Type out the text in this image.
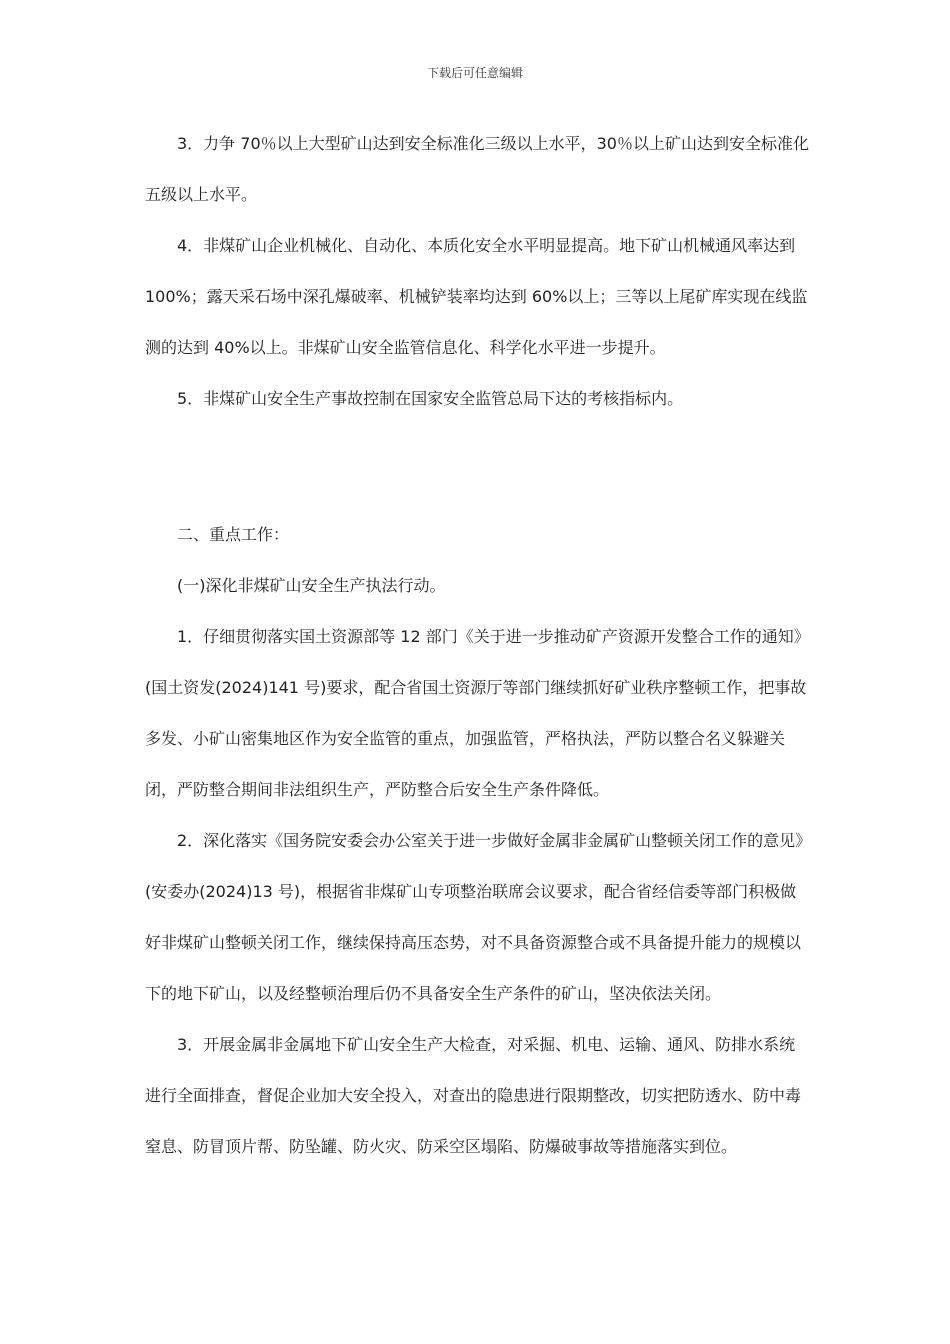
下载后可任意编辑

3．力争 70％以上大型矿山达到安全标准化三级以上水平，30％以上矿山达到安全标准化五级以上水平。

4．非煤矿山企业机械化、自动化、本质化安全水平明显提高。地下矿山机械通风率达到 100%；露天采石场中深孔爆破率、机械铲装率均达到 60%以上；三等以上尾矿库实现在线监测的达到 40%以上。非煤矿山安全监管信息化、科学化水平进一步提升。

5．非煤矿山安全生产事故控制在国家安全监管总局下达的考核指标内。

二、重点工作：

(一)深化非煤矿山安全生产执法行动。

1．仔细贯彻落实国土资源部等 12 部门《关于进一步推动矿产资源开发整合工作的通知》(国土资发(2024)141 号)要求，配合省国土资源厅等部门继续抓好矿业秩序整顿工作，把事故多发、小矿山密集地区作为安全监管的重点，加强监管，严格执法，严防以整合名义躲避关闭，严防整合期间非法组织生产，严防整合后安全生产条件降低。

2．深化落实《国务院安委会办公室关于进一步做好金属非金属矿山整顿关闭工作的意见》(安委办(2024)13 号)，根据省非煤矿山专项整治联席会议要求，配合省经信委等部门积极做好非煤矿山整顿关闭工作，继续保持高压态势，对不具备资源整合或不具备提升能力的规模以下的地下矿山，以及经整顿治理后仍不具备安全生产条件的矿山，坚决依法关闭。

3．开展金属非金属地下矿山安全生产大检查，对采掘、机电、运输、通风、防排水系统进行全面排查，督促企业加大安全投入，对查出的隐患进行限期整改，切实把防透水、防中毒窒息、防冒顶片帮、防坠罐、防火灾、防采空区塌陷、防爆破事故等措施落实到位。
